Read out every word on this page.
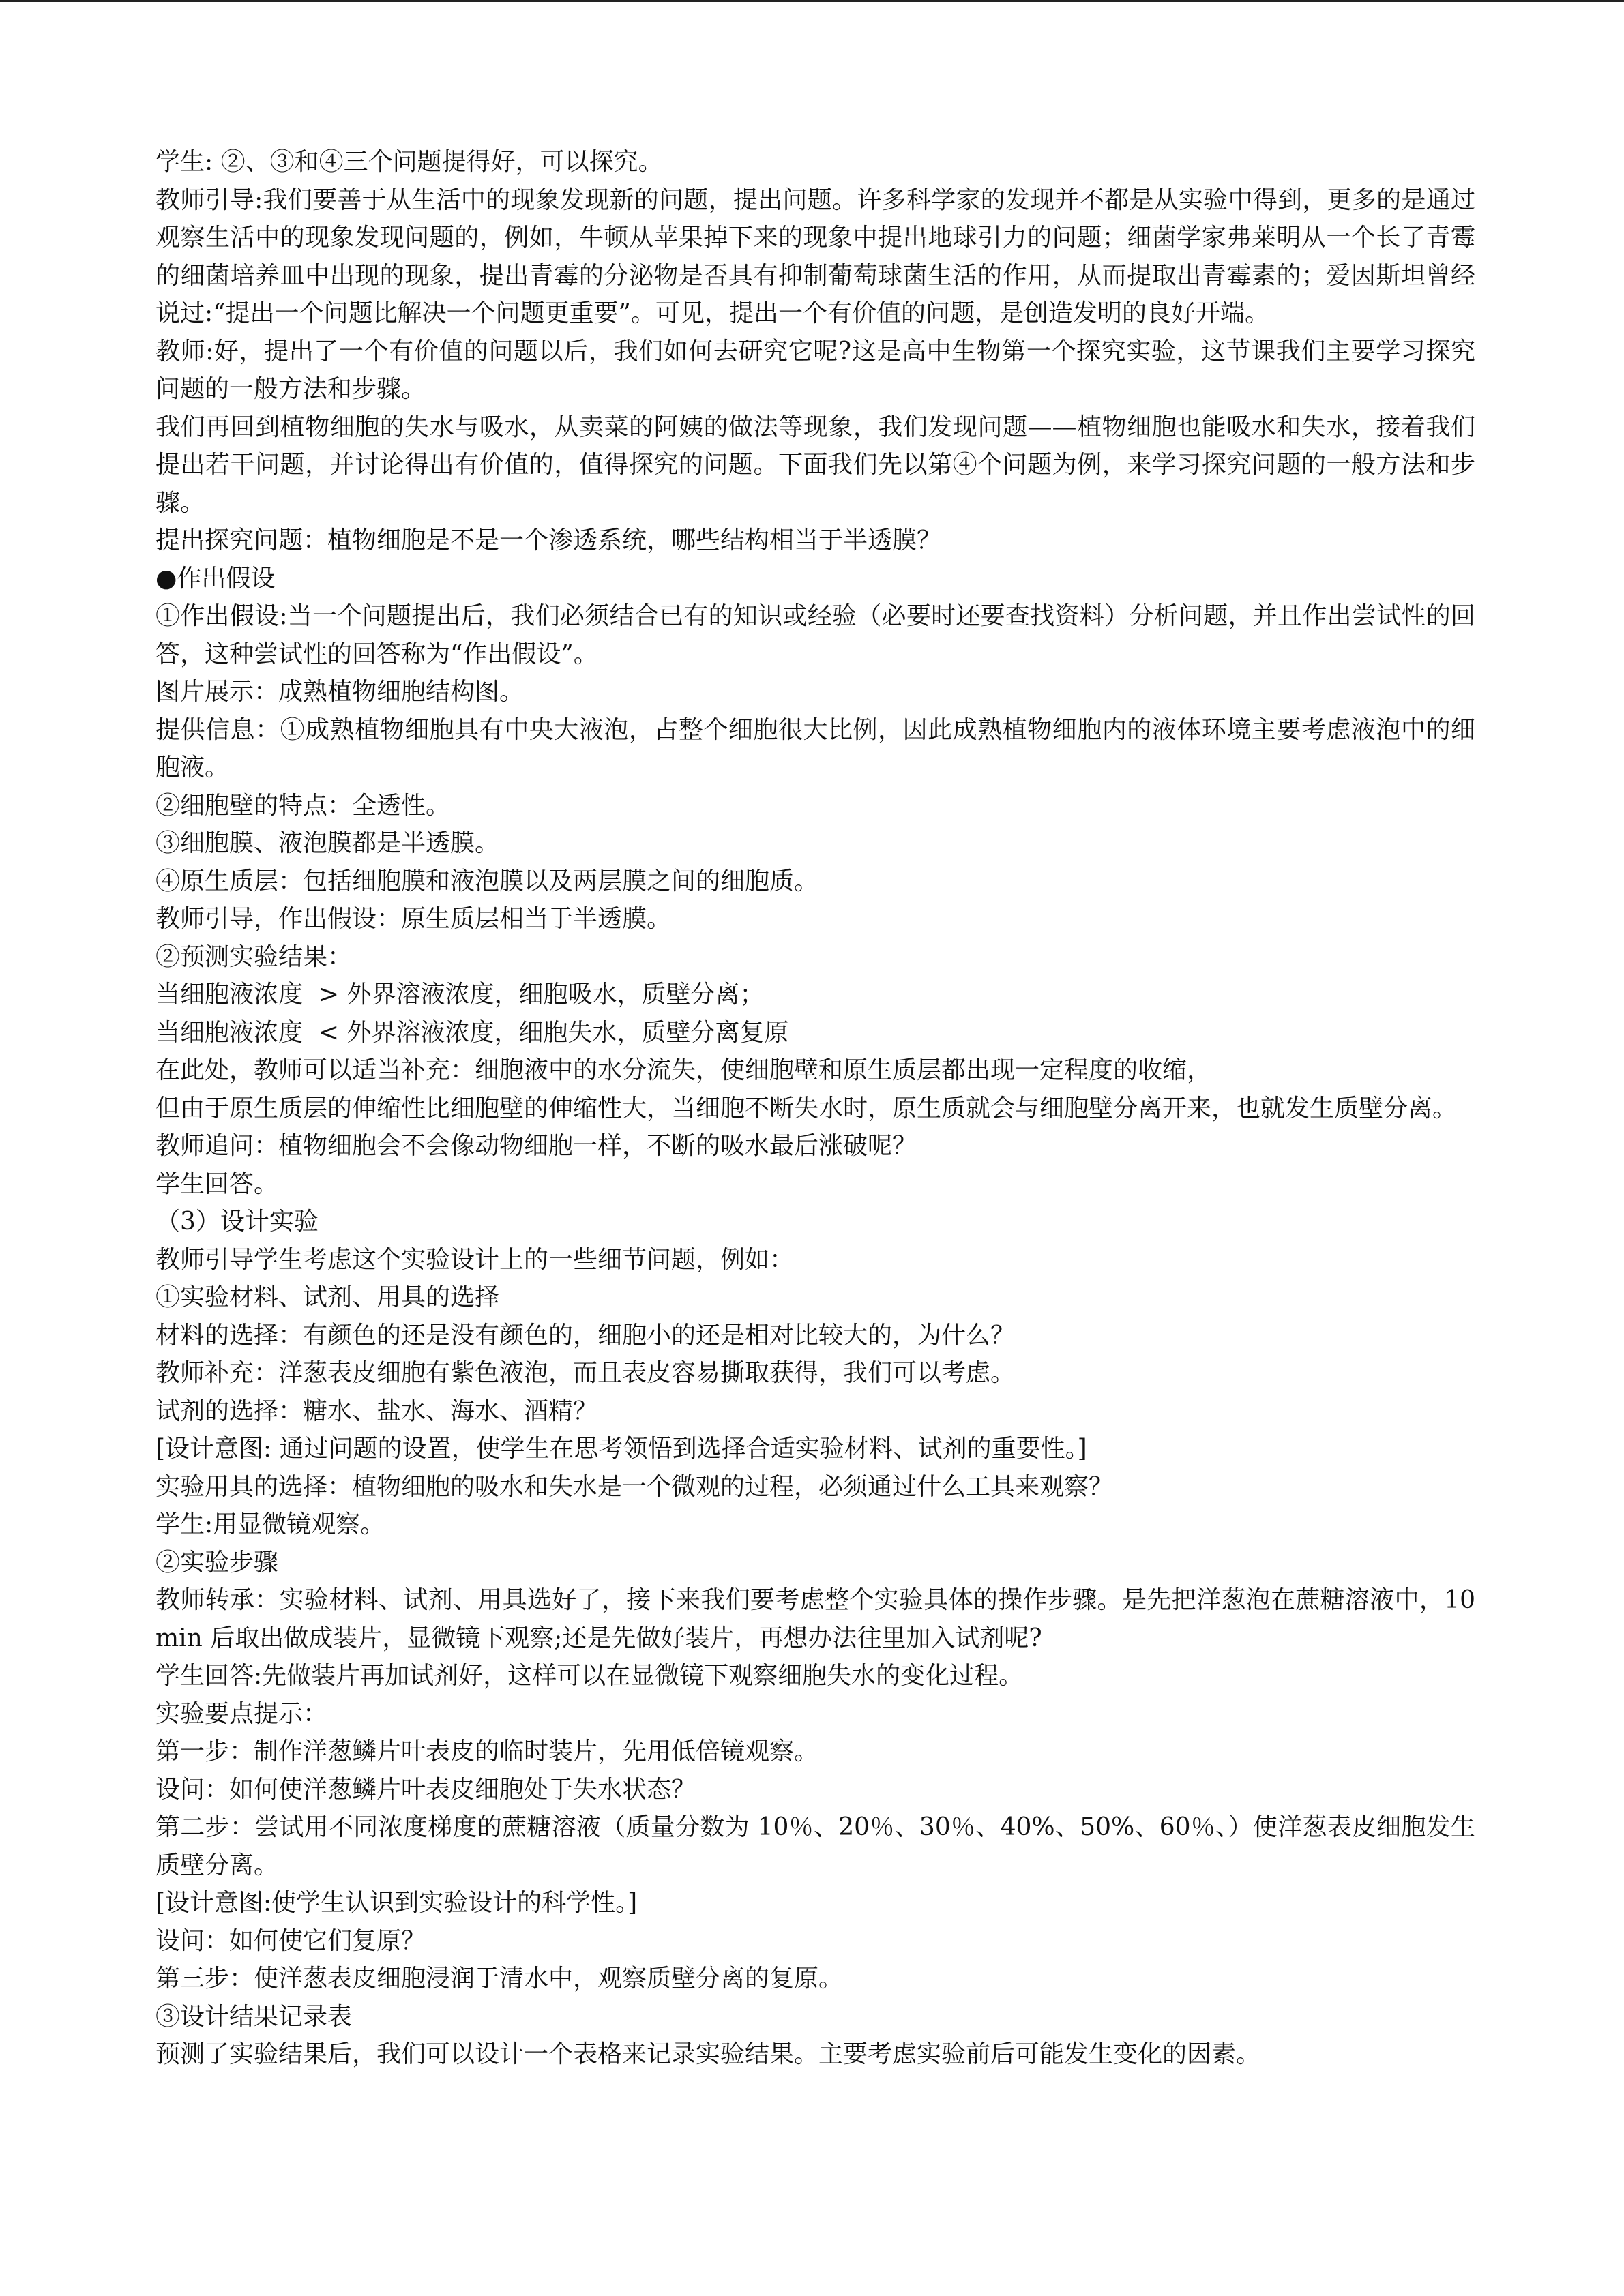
学生: ②、③和④三个问题提得好，可以探究。

教师引导:我们要善于从生活中的现象发现新的问题，提出问题。许多科学家的发现并不都是从实验中得到，更多的是通过观察生活中的现象发现问题的，例如，牛顿从苹果掉下来的现象中提出地球引力的问题；细菌学家弗莱明从一个长了青霉的细菌培养皿中出现的现象，提出青霉的分泌物是否具有抑制葡萄球菌生活的作用，从而提取出青霉素的；爱因斯坦曾经说过:“提出一个问题比解决一个问题更重要”。可见，提出一个有价值的问题，是创造发明的良好开端。

教师:好，提出了一个有价值的问题以后，我们如何去研究它呢?这是高中生物第一个探究实验，这节课我们主要学习探究问题的一般方法和步骤。

我们再回到植物细胞的失水与吸水，从卖菜的阿姨的做法等现象，我们发现问题——植物细胞也能吸水和失水，接着我们提出若干问题，并讨论得出有价值的，值得探究的问题。下面我们先以第④个问题为例，来学习探究问题的一般方法和步骤。

提出探究问题：植物细胞是不是一个渗透系统，哪些结构相当于半透膜？

●作出假设

①作出假设:当一个问题提出后，我们必须结合已有的知识或经验（必要时还要查找资料）分析问题，并且作出尝试性的回答，这种尝试性的回答称为“作出假设”。

图片展示：成熟植物细胞结构图。

提供信息：①成熟植物细胞具有中央大液泡，占整个细胞很大比例，因此成熟植物细胞内的液体环境主要考虑液泡中的细胞液。

②细胞壁的特点：全透性。

③细胞膜、液泡膜都是半透膜。

④原生质层：包括细胞膜和液泡膜以及两层膜之间的细胞质。

教师引导，作出假设：原生质层相当于半透膜。

②预测实验结果：

当细胞液浓度  > 外界溶液浓度，细胞吸水，质壁分离；

当细胞液浓度  < 外界溶液浓度，细胞失水，质壁分离复原

在此处，教师可以适当补充：细胞液中的水分流失，使细胞壁和原生质层都出现一定程度的收缩，

但由于原生质层的伸缩性比细胞壁的伸缩性大，当细胞不断失水时，原生质就会与细胞壁分离开来，也就发生质壁分离。

教师追问：植物细胞会不会像动物细胞一样，不断的吸水最后涨破呢？

学生回答。

（3）设计实验

教师引导学生考虑这个实验设计上的一些细节问题，例如：

①实验材料、试剂、用具的选择

材料的选择：有颜色的还是没有颜色的，细胞小的还是相对比较大的，为什么？

教师补充：洋葱表皮细胞有紫色液泡，而且表皮容易撕取获得，我们可以考虑。

试剂的选择：糖水、盐水、海水、酒精？

[设计意图: 通过问题的设置，使学生在思考领悟到选择合适实验材料、试剂的重要性。]

实验用具的选择：植物细胞的吸水和失水是一个微观的过程，必须通过什么工具来观察？

学生:用显微镜观察。

②实验步骤

教师转承：实验材料、试剂、用具选好了，接下来我们要考虑整个实验具体的操作步骤。是先把洋葱泡在蔗糖溶液中，10 min 后取出做成装片，显微镜下观察;还是先做好装片，再想办法往里加入试剂呢?

学生回答:先做装片再加试剂好，这样可以在显微镜下观察细胞失水的变化过程。

实验要点提示：

第一步：制作洋葱鳞片叶表皮的临时装片，先用低倍镜观察。

设问：如何使洋葱鳞片叶表皮细胞处于失水状态？

第二步：尝试用不同浓度梯度的蔗糖溶液（质量分数为 10％、20％、30％、40%、50%、60％、）使洋葱表皮细胞发生质壁分离。

[设计意图:使学生认识到实验设计的科学性。]

设问：如何使它们复原？

第三步：使洋葱表皮细胞浸润于清水中，观察质壁分离的复原。

③设计结果记录表

预测了实验结果后，我们可以设计一个表格来记录实验结果。主要考虑实验前后可能发生变化的因素。
